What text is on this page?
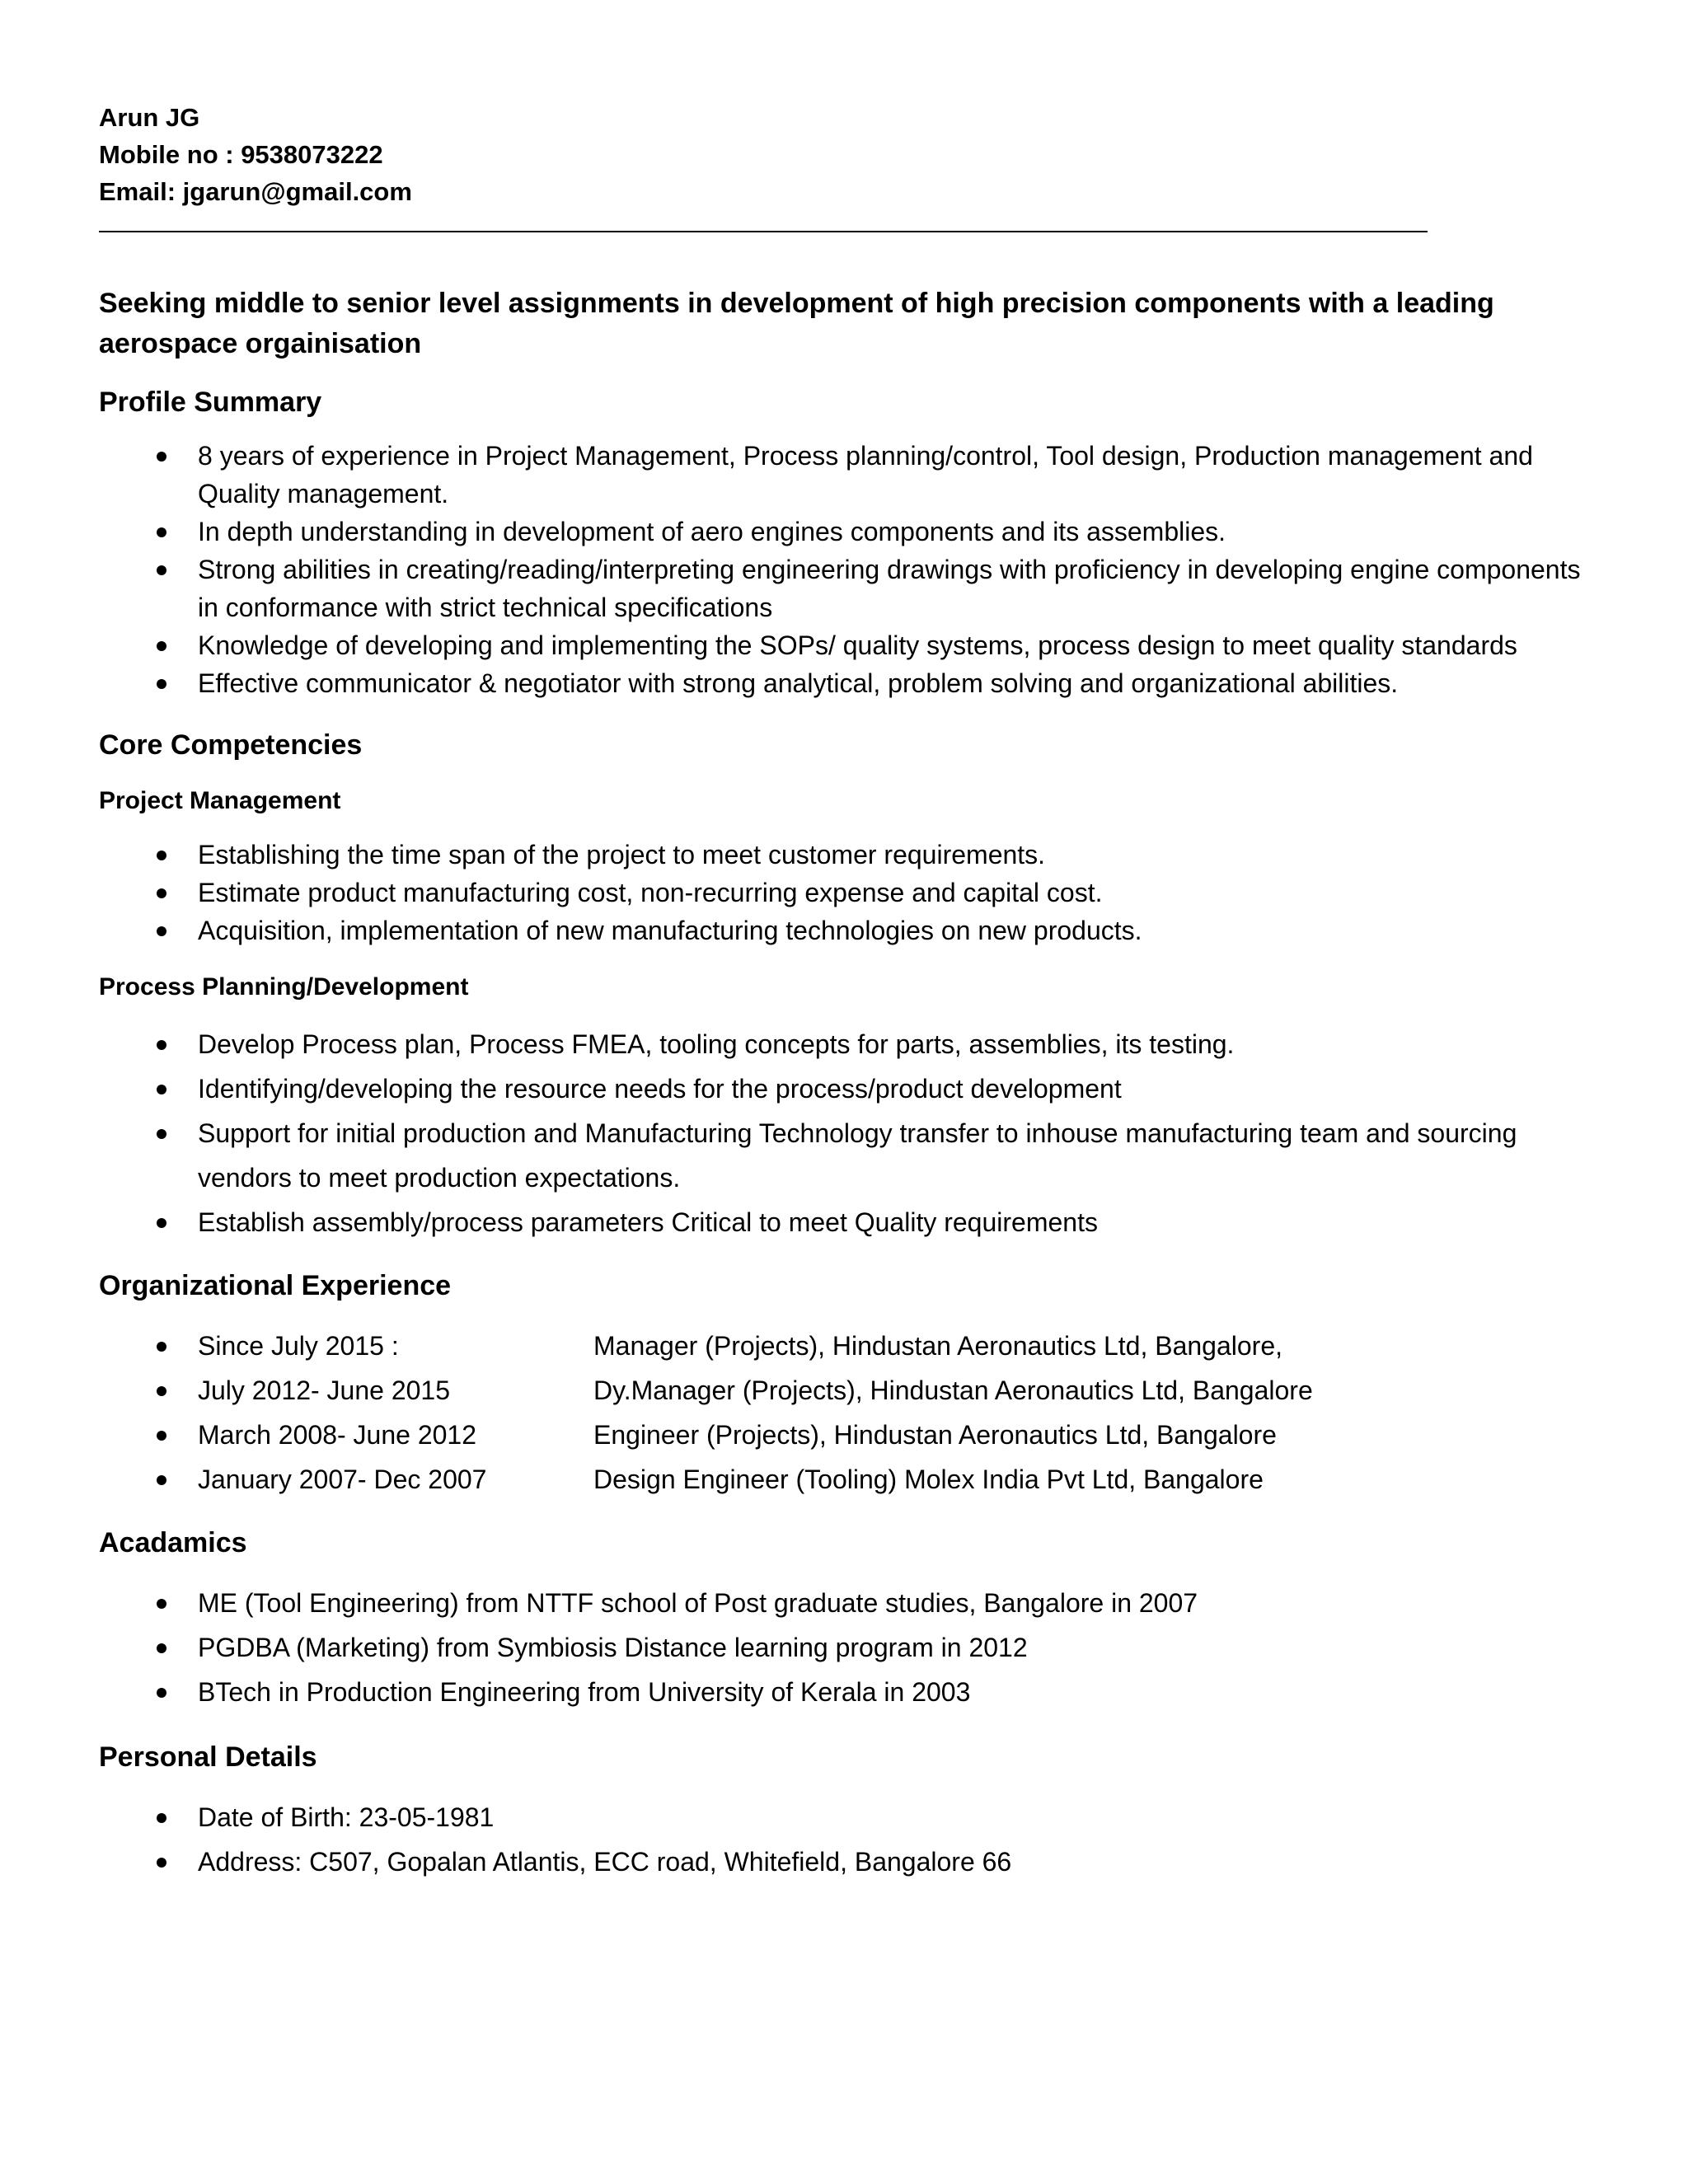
Arun JG

Mobile no : 9538073222

Email: jgarun@gmail.com

Seeking middle to senior level assignments in development of high precision components with a leading aerospace orgainisation

Profile Summary
8 years of experience in Project Management, Process planning/control, Tool design, Production management and Quality management.
In depth understanding in development of aero engines components and its assemblies.
Strong abilities in creating/reading/interpreting engineering drawings with proficiency in developing engine components in conformance with strict technical specifications
Knowledge of developing and implementing the SOPs/ quality systems, process design to meet quality standards
Effective communicator & negotiator with strong analytical, problem solving and organizational abilities.
Core Competencies
Project Management
Establishing the time span of the project to meet customer requirements.
Estimate product manufacturing cost, non-recurring expense and capital cost.
Acquisition, implementation of new manufacturing technologies on new products.
Process Planning/Development
Develop Process plan, Process FMEA, tooling concepts for parts, assemblies, its testing.
Identifying/developing the resource needs for the process/product development
Support for initial production and Manufacturing Technology transfer to inhouse manufacturing team and sourcing vendors to meet production expectations.
Establish assembly/process parameters Critical to meet Quality requirements
Organizational Experience
Since July 2015 :	Manager (Projects), Hindustan Aeronautics Ltd, Bangalore,
July 2012- June 2015	Dy.Manager (Projects), Hindustan Aeronautics Ltd, Bangalore
March 2008- June 2012	Engineer (Projects), Hindustan Aeronautics Ltd, Bangalore
January 2007- Dec 2007	Design Engineer (Tooling) Molex India Pvt Ltd, Bangalore
Acadamics
ME (Tool Engineering) from NTTF school of Post graduate studies, Bangalore in 2007
PGDBA (Marketing) from Symbiosis Distance learning program in 2012
BTech in Production Engineering from University of Kerala in 2003
Personal Details
Date of Birth: 23-05-1981
Address: C507, Gopalan Atlantis, ECC road, Whitefield, Bangalore 66
